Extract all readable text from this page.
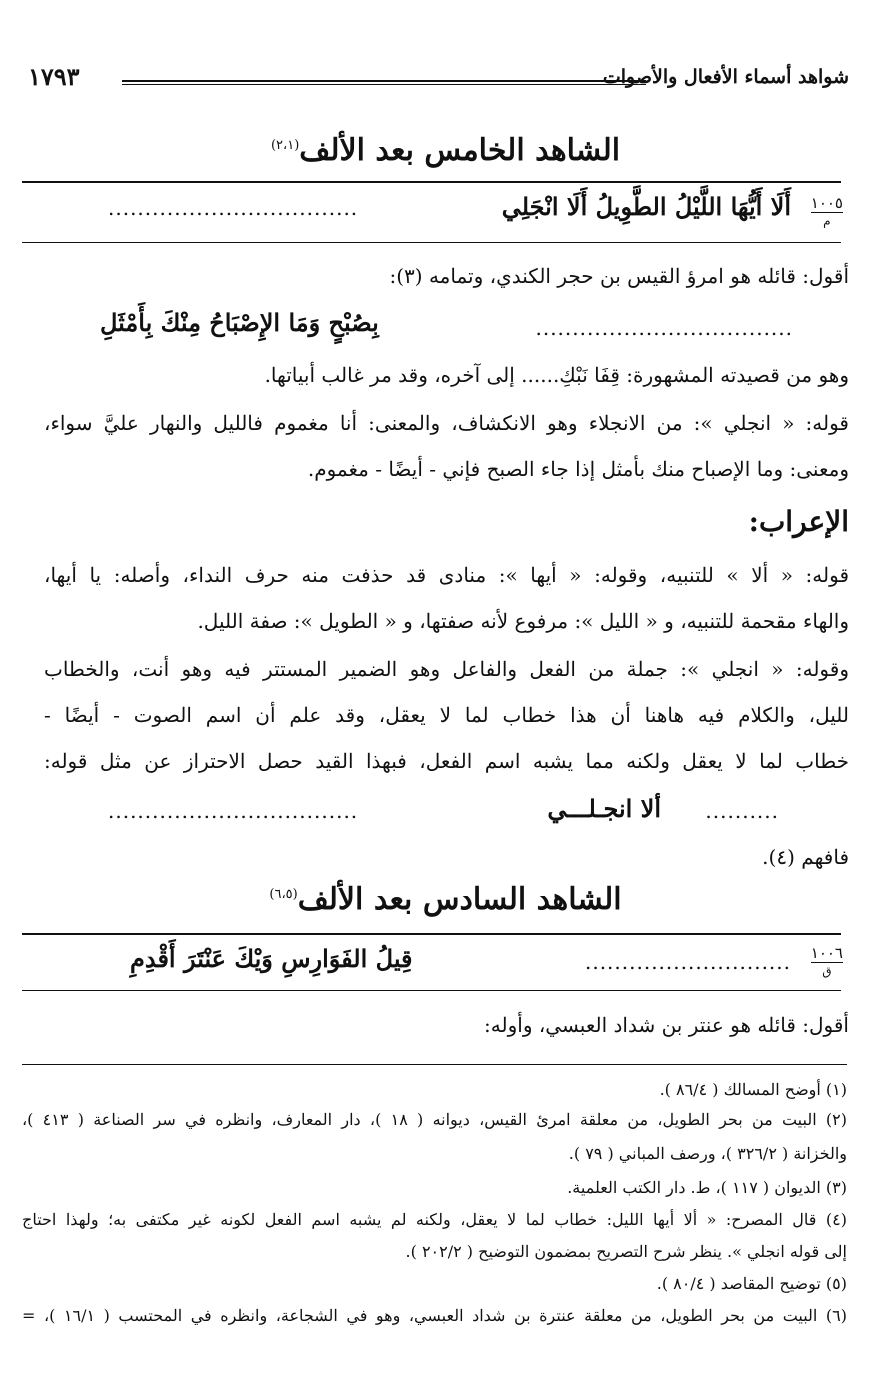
شواهد أسماء الأفعال والأصوات
١٧٩٣
الشاهد الخامس بعد الألف$^{(٢،١)}$
١٠٠٥
م
أَلَا أَيُّهَا اللَّيْلُ الطَّوِيلُ أَلَا انْجَلِي
..................................
أقول: قائله هو امرؤ القيس بن حجر الكندي، وتمامه (٣):
...................................
بِصُبْحٍ وَمَا الإِصْبَاحُ مِنْكَ بِأَمْثَلِ
وهو من قصيدته المشهورة: قِفَا نَبْكِ...... إلى آخره، وقد مر غالب أبياتها.
قوله: « انجلي »: من الانجلاء وهو الانكشاف، والمعنى: أنا مغموم فالليل والنهار عليَّ سواء،
ومعنى: وما الإصباح منك بأمثل إذا جاء الصبح فإني - أيضًا - مغموم.
الإعراب:
قوله: « ألا » للتنبيه، وقوله: « أيها »: منادى قد حذفت منه حرف النداء، وأصله: يا أيها،
والهاء مقحمة للتنبيه، و « الليل »: مرفوع لأنه صفتها، و « الطويل »: صفة الليل.
وقوله: « انجلي »: جملة من الفعل والفاعل وهو الضمير المستتر فيه وهو أنت، والخطاب
لليل، والكلام فيه هاهنا أن هذا خطاب لما لا يعقل، وقد علم أن اسم الصوت - أيضًا -
خطاب لما لا يعقل ولكنه مما يشبه اسم الفعل، فبهذا القيد حصل الاحتراز عن مثل قوله:
..........
ألا انجـلـــي
..................................
فافهم (٤).
الشاهد السادس بعد الألف$^{(٦،٥)}$
١٠٠٦
ق
............................
قِيلُ الفَوَارِسِ وَيْكَ عَنْتَرَ أَقْدِمِ
أقول: قائله هو عنتر بن شداد العبسي، وأوله:
(١) أوضح المسالك ( ٨٦/٤ ).
(٢) البيت من بحر الطويل، من معلقة امرئ القيس، ديوانه ( ١٨ )، دار المعارف، وانظره في سر الصناعة ( ٤١٣ )،
والخزانة ( ٣٢٦/٢ )، ورصف المباني ( ٧٩ ).
(٣) الديوان ( ١١٧ )، ط. دار الكتب العلمية.
(٤) قال المصرح: « ألا أيها الليل: خطاب لما لا يعقل، ولكنه لم يشبه اسم الفعل لكونه غير مكتفى به؛ ولهذا احتاج
إلى قوله انجلي ». ينظر شرح التصريح بمضمون التوضيح ( ٢٠٢/٢ ).
(٥) توضيح المقاصد ( ٨٠/٤ ).
(٦) البيت من بحر الطويل، من معلقة عنترة بن شداد العبسي، وهو في الشجاعة، وانظره في المحتسب ( ١٦/١ )، =
